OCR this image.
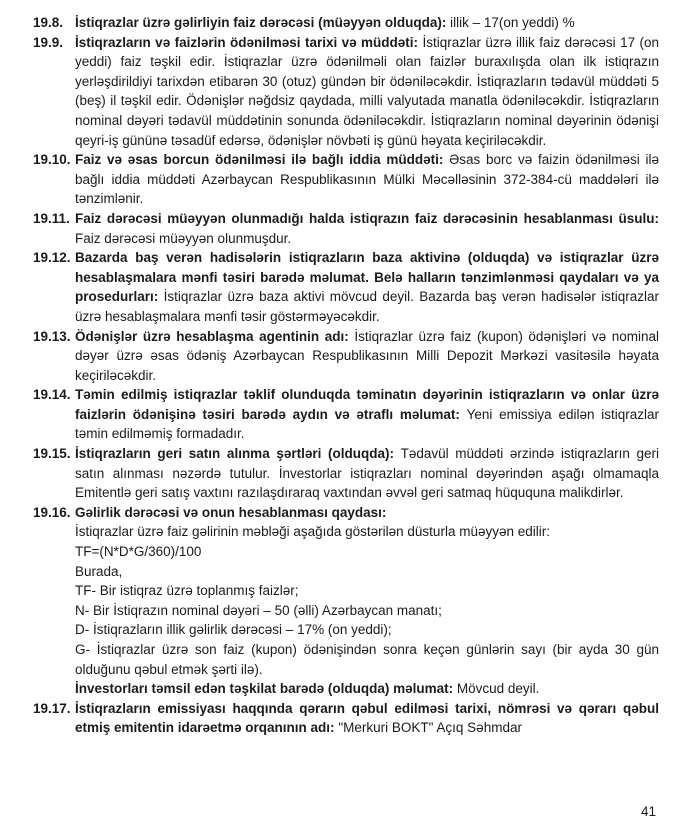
19.8. İstiqrazlar üzrə gəlirliyin faiz dərəcəsi (müəyyən olduqda): illik – 17(on yeddi) %
19.9. İstiqrazların və faizlərin ödənilməsi tarixi və müddəti: İstiqrazlar üzrə illik faiz dərəcəsi 17 (on yeddi) faiz təşkil edir. İstiqrazlar üzrə ödənilməli olan faizlər buraxılışda olan ilk istiqrazın yerləşdirildiyi tarixdən etibarən 30 (otuz) gündən bir ödəniləcəkdir. İstiqrazların tədavül müddəti 5 (beş) il təşkil edir. Ödənişlər nəğdsiz qaydada, milli valyutada manatla ödəniləcəkdir. İstiqrazların nominal dəyəri tədavül müddətinin sonunda ödəniləcəkdir. İstiqrazların nominal dəyərinin ödənişi qeyri-iş gününə təsadüf edərsə, ödənişlər növbəti iş günü həyata keçiriləcəkdir.
19.10. Faiz və əsas borcun ödənilməsi ilə bağlı iddia müddəti: Əsas borc və faizin ödənilməsi ilə bağlı iddia müddəti Azərbaycan Respublikasının Mülki Məcəlləsinin 372-384-cü maddələri ilə tənzimlənir.
19.11. Faiz dərəcəsi müəyyən olunmadığı halda istiqrazın faiz dərəcəsinin hesablanması üsulu: Faiz dərəcəsi müəyyən olunmuşdur.
19.12. Bazarda baş verən hadisələrin istiqrazların baza aktivinə (olduqda) və istiqrazlar üzrə hesablaşmalara mənfi təsiri barədə məlumat. Belə halların tənzimlənməsi qaydaları və ya prosedurları: İstiqrazlar üzrə baza aktivi mövcud deyil. Bazarda baş verən hadisələr istiqrazlar üzrə hesablaşmalara mənfi təsir göstərməyəcəkdir.
19.13. Ödənişlər üzrə hesablaşma agentinin adı: İstiqrazlar üzrə faiz (kupon) ödənişləri və nominal dəyər üzrə əsas ödəniş Azərbaycan Respublikasının Milli Depozit Mərkəzi vasitəsilə həyata keçiriləcəkdir.
19.14. Təmin edilmiş istiqrazlar təklif olunduqda təminatın dəyərinin istiqrazların və onlar üzrə faizlərin ödənişinə təsiri barədə aydın və ətraflı məlumat: Yeni emissiya edilən istiqrazlar təmin edilməmiş formadadır.
19.15. İstiqrazların geri satın alınma şərtləri (olduqda): Tədavül müddəti ərzində istiqrazların geri satın alınması nəzərdə tutulur. İnvestorlar istiqrazları nominal dəyərindən aşağı olmamaqla Emitentlə geri satış vaxtını razılaşdıraraq vaxtından əvvəl geri satmaq hüququna malikdirlər.
19.16. Gəlirlik dərəcəsi və onun hesablanması qaydası:
İstiqrazlar üzrə faiz gəlirinin məbləği aşağıda göstərilən düsturla müəyyən edilir:
TF=(N*D*G/360)/100
Burada,
TF- Bir istiqraz üzrə toplanmış faizlər;
N- Bir İstiqrazın nominal dəyəri – 50 (əlli) Azərbaycan manatı;
D- İstiqrazların illik gəlirlik dərəcəsi – 17% (on yeddi);
G- İstiqrazlar üzrə son faiz (kupon) ödənişindən sonra keçən günlərin sayı (bir ayda 30 gün olduğunu qəbul etmək şərti ilə).
İnvestorları təmsil edən təşkilat barədə (olduqda) məlumat: Mövcud deyil.
19.17. İstiqrazların emissiyası haqqında qərarın qəbul edilməsi tarixi, nömrəsi və qərarı qəbul etmiş emitentin idarəetmə orqanının adı: "Merkuri BOKT" Açıq Səhmdar
41
